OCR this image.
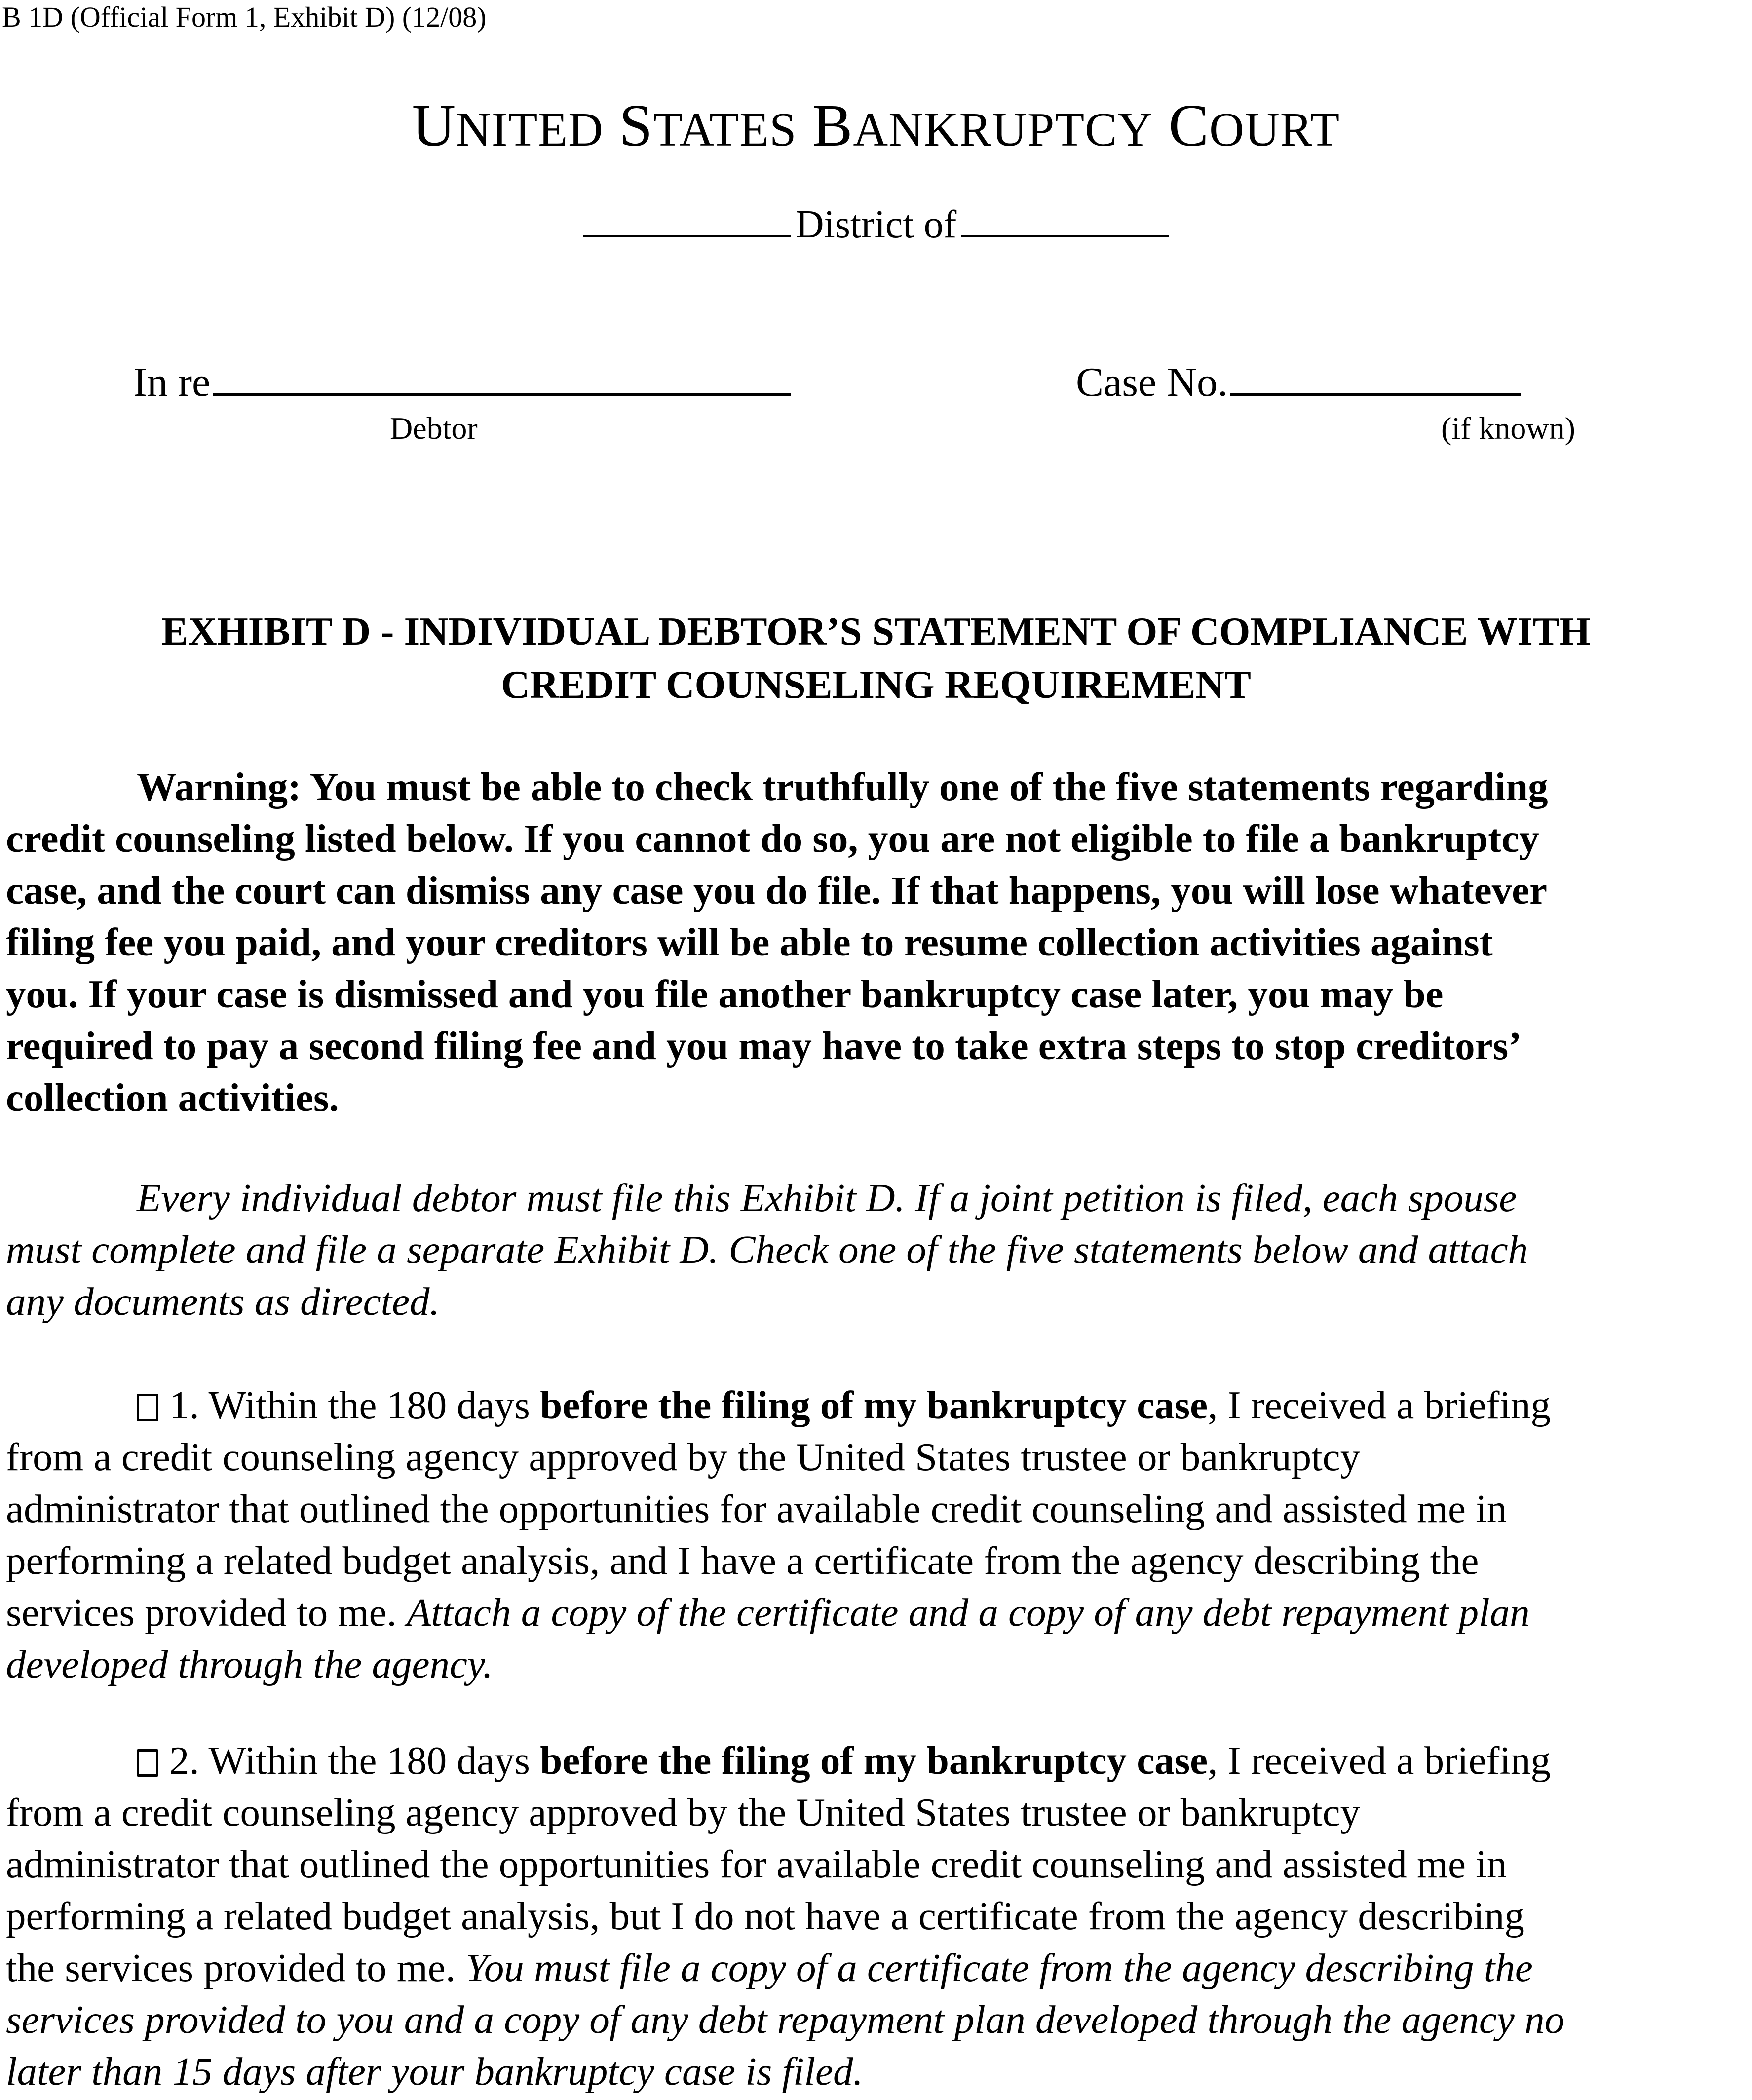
B 1D (Official Form 1, Exhibit D) (12/08)
UNITED STATES BANKRUPTCY COURT
District of
In re
Debtor
Case No.
(if known)
EXHIBIT D - INDIVIDUAL DEBTOR’S STATEMENT OF COMPLIANCE WITH
CREDIT COUNSELING REQUIREMENT
Warning: You must be able to check truthfully one of the five statements regarding
credit counseling listed below. If you cannot do so, you are not eligible to file a bankruptcy
case, and the court can dismiss any case you do file. If that happens, you will lose whatever
filing fee you paid, and your creditors will be able to resume collection activities against
you. If your case is dismissed and you file another bankruptcy case later, you may be
required to pay a second filing fee and you may have to take extra steps to stop creditors’
collection activities.
Every individual debtor must file this Exhibit D. If a joint petition is filed, each spouse
must complete and file a separate Exhibit D. Check one of the five statements below and attach
any documents as directed.
1. Within the 180 days before the filing of my bankruptcy case, I received a briefing
from a credit counseling agency approved by the United States trustee or bankruptcy
administrator that outlined the opportunities for available credit counseling and assisted me in
performing a related budget analysis, and I have a certificate from the agency describing the
services provided to me. Attach a copy of the certificate and a copy of any debt repayment plan
developed through the agency.
2. Within the 180 days before the filing of my bankruptcy case, I received a briefing
from a credit counseling agency approved by the United States trustee or bankruptcy
administrator that outlined the opportunities for available credit counseling and assisted me in
performing a related budget analysis, but I do not have a certificate from the agency describing
the services provided to me. You must file a copy of a certificate from the agency describing the
services provided to you and a copy of any debt repayment plan developed through the agency no
later than 15 days after your bankruptcy case is filed.
